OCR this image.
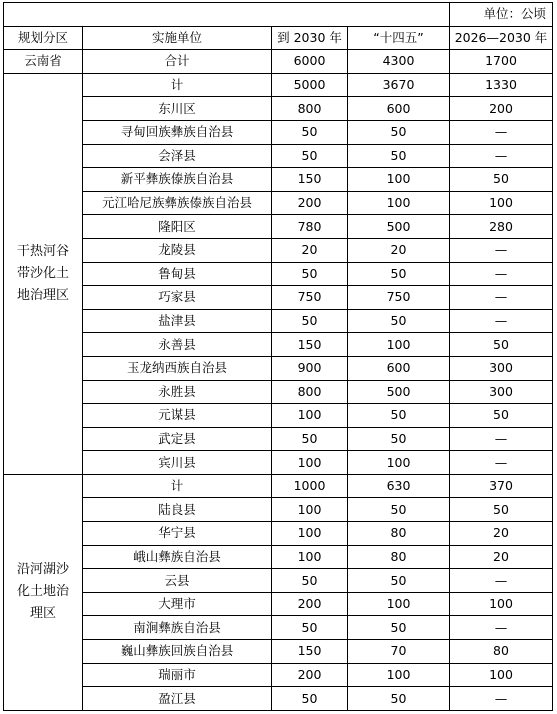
				单位：公顷
规划分区	实施单位	到 2030 年	“十四五”	2026—2030 年
云南省	合计	6000	4300	1700
干热河谷带沙化土地治理区	计	5000	3670	1330
	东川区	800	600	200
	寻甸回族彝族自治县	50	50	—
	会泽县	50	50	—
	新平彝族傣族自治县	150	100	50
	元江哈尼族彝族傣族自治县	200	100	100
	隆阳区	780	500	280
	龙陵县	20	20	—
	鲁甸县	50	50	—
	巧家县	750	750	—
	盐津县	50	50	—
	永善县	150	100	50
	玉龙纳西族自治县	900	600	300
	永胜县	800	500	300
	元谋县	100	50	50
	武定县	50	50	—
	宾川县	100	100	—
沿河湖沙化土地治理区	计	1000	630	370
	陆良县	100	50	50
	华宁县	100	80	20
	峨山彝族自治县	100	80	20
	云县	50	50	—
	大理市	200	100	100
	南涧彝族自治县	50	50	—
	巍山彝族回族自治县	150	70	80
	瑞丽市	200	100	100
	盈江县	50	50	—
